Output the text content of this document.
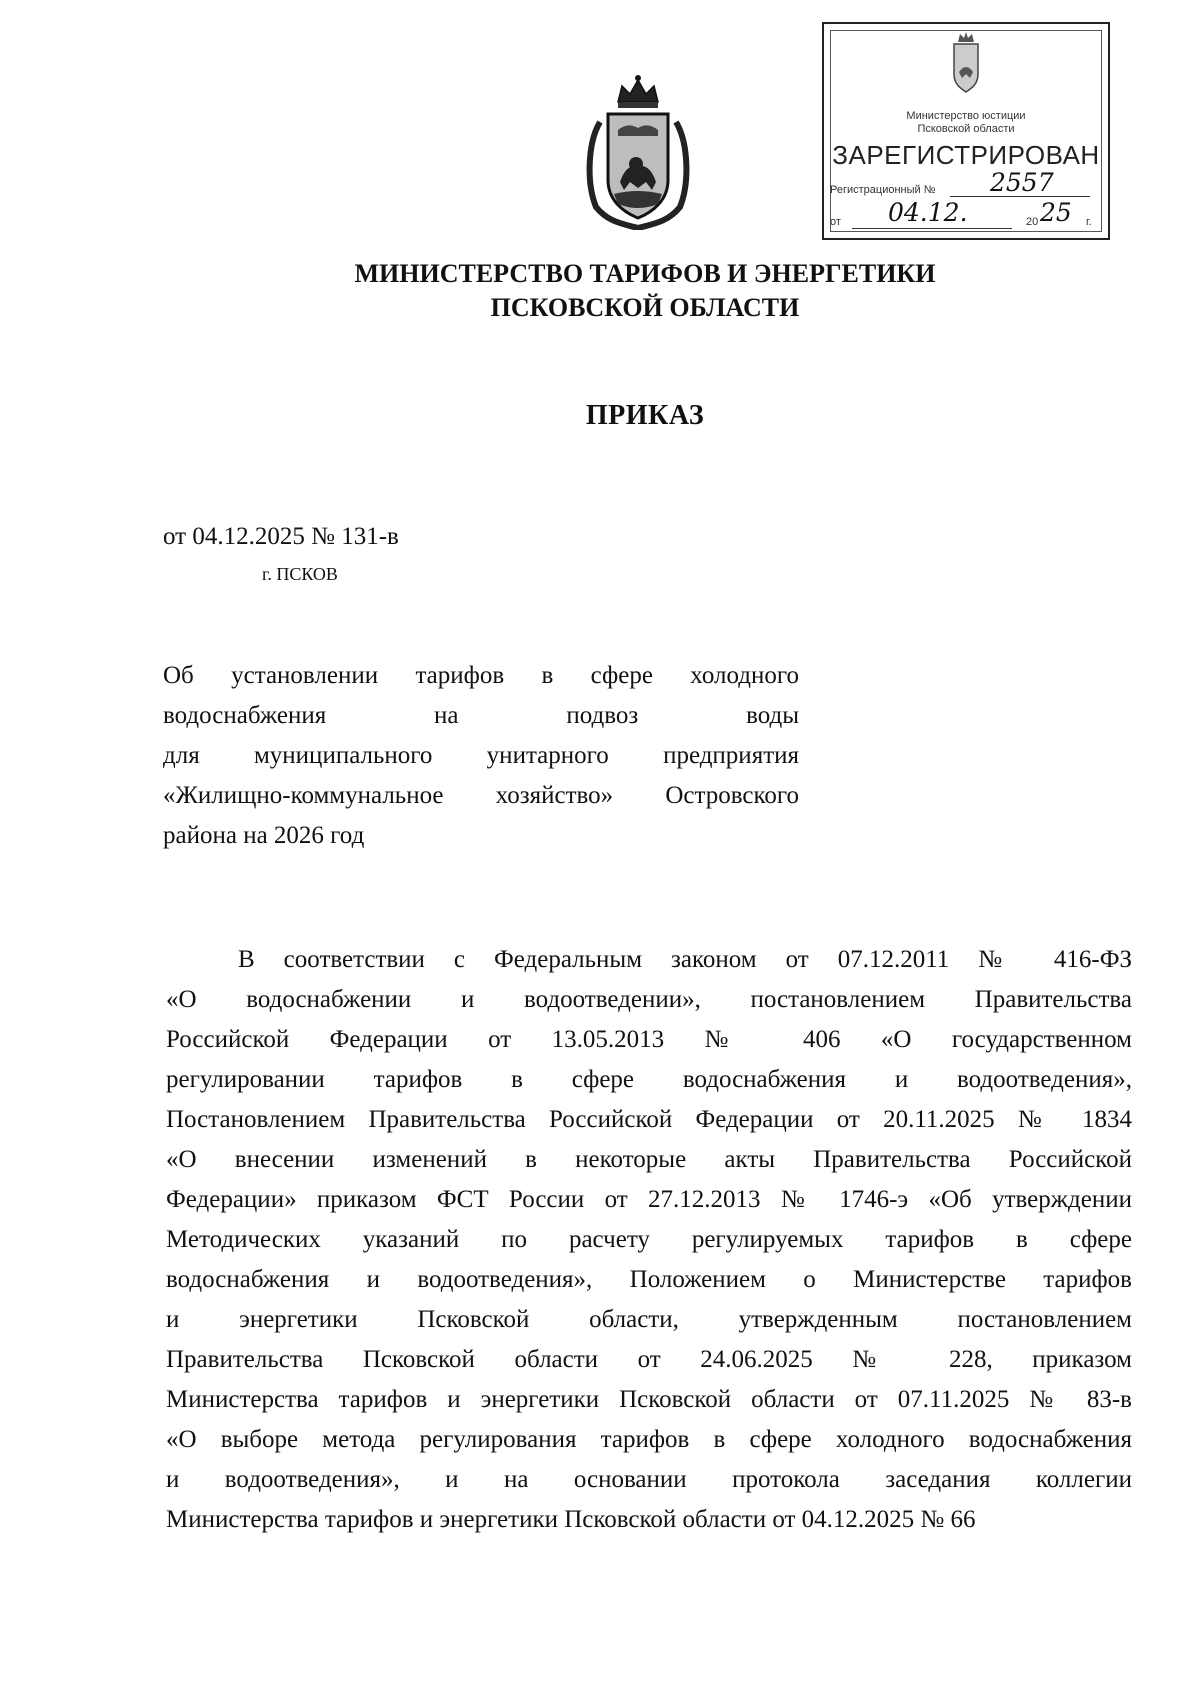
Министерство юстиции
Псковской области
ЗАРЕГИСТРИРОВАН
Регистрационный № 2557
от 04.12.	20 25 г.
МИНИСТЕРСТВО ТАРИФОВ И ЭНЕРГЕТИКИ
ПСКОВСКОЙ ОБЛАСТИ
ПРИКАЗ
от 04.12.2025 № 131-в
г. ПСКОВ
Об установлении тарифов в сфере холодного
водоснабжения на подвоз воды
для муниципального унитарного предприятия
«Жилищно-коммунальное хозяйство» Островского
района на 2026 год
В соответствии с Федеральным законом от 07.12.2011 № 416-ФЗ
«О водоснабжении и водоотведении», постановлением Правительства
Российской Федерации от 13.05.2013 № 406 «О государственном
регулировании тарифов в сфере водоснабжения и водоотведения»,
Постановлением Правительства Российской Федерации от 20.11.2025 № 1834
«О внесении изменений в некоторые акты Правительства Российской
Федерации» приказом ФСТ России от 27.12.2013 № 1746-э «Об утверждении
Методических указаний по расчету регулируемых тарифов в сфере
водоснабжения и водоотведения», Положением о Министерстве тарифов
и энергетики Псковской области, утвержденным постановлением
Правительства Псковской области от 24.06.2025 № 228, приказом
Министерства тарифов и энергетики Псковской области от 07.11.2025 № 83-в
«О выборе метода регулирования тарифов в сфере холодного водоснабжения
и водоотведения», и на основании протокола заседания коллегии
Министерства тарифов и энергетики Псковской области от 04.12.2025 № 66
